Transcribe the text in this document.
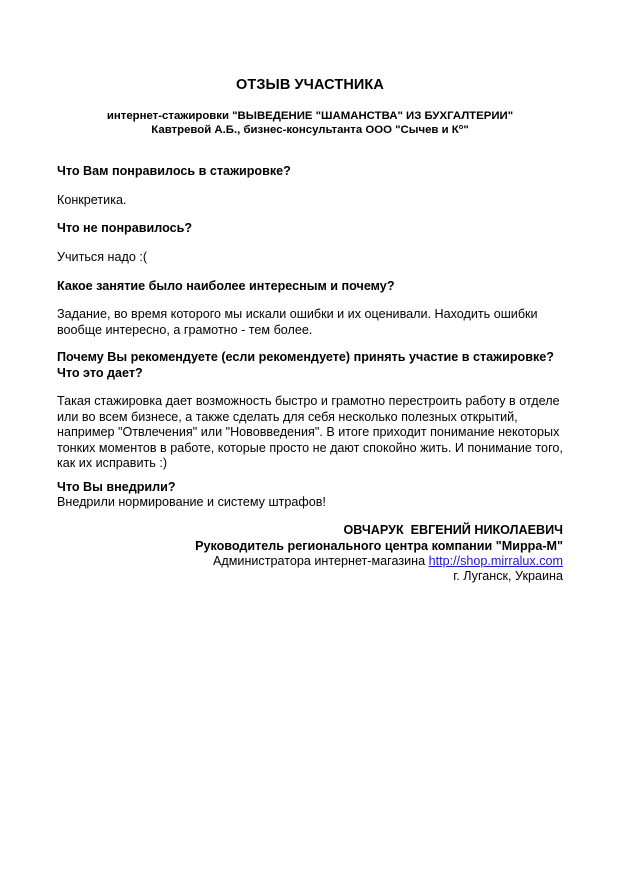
ОТЗЫВ УЧАСТНИКА
интернет-стажировки "ВЫВЕДЕНИЕ "ШАМАНСТВА" ИЗ БУХГАЛТЕРИИ"
Кавтревой А.Б., бизнес-консультанта ООО "Сычев и $К^о$"
Что Вам понравилось в стажировке?
Конкретика.
Что не понравилось?
Учиться надо :(
Какое занятие было наиболее интересным и почему?
Задание, во время которого мы искали ошибки и их оценивали. Находить ошибки
вообще интересно, а грамотно - тем более.
Почему Вы рекомендуете (если рекомендуете) принять участие в стажировке?
Что это дает?
Такая стажировка дает возможность быстро и грамотно перестроить работу в отделе
или во всем бизнесе, а также сделать для себя несколько полезных открытий,
например "Отвлечения" или "Нововведения". В итоге приходит понимание некоторых
тонких моментов в работе, которые просто не дают спокойно жить. И понимание того,
как их исправить :)
Что Вы внедрили?
Внедрили нормирование и систему штрафов!
ОВЧАРУК  ЕВГЕНИЙ НИКОЛАЕВИЧ
Руководитель регионального центра компании "Мирра-М"
Администратора интернет-магазина http://shop.mirralux.com
г. Луганск, Украина
